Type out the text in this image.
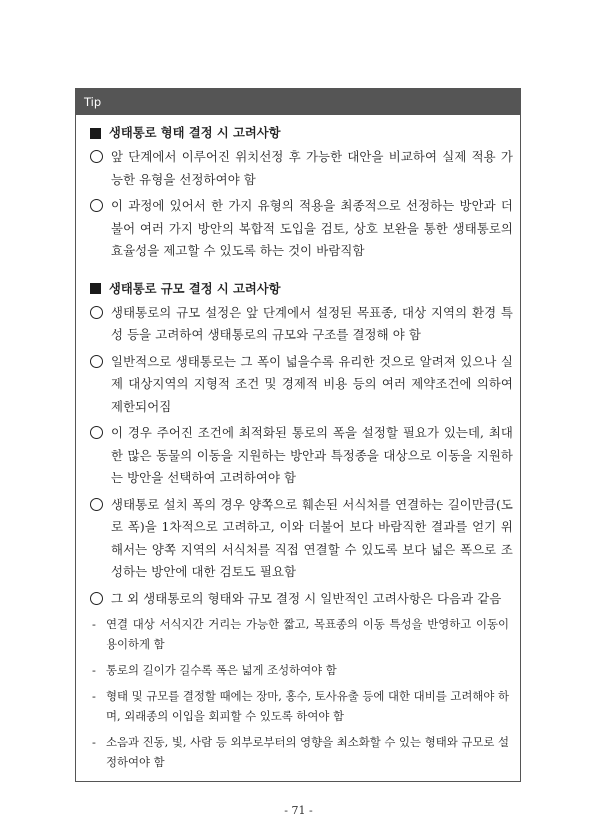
Tip
생태통로 형태 결정 시 고려사항
앞 단계에서 이루어진 위치선정 후 가능한 대안을 비교하여 실제 적용 가능한 유형을 선정하여야 함
이 과정에 있어서 한 가지 유형의 적용을 최종적으로 선정하는 방안과 더불어 여러 가지 방안의 복합적 도입을 검토, 상호 보완을 통한 생태통로의 효율성을 제고할 수 있도록 하는 것이 바람직함
생태통로 규모 결정 시 고려사항
생태통로의 규모 설정은 앞 단계에서 설정된 목표종, 대상 지역의 환경 특성 등을 고려하여 생태통로의 규모와 구조를 결정해 야 함
일반적으로 생태통로는 그 폭이 넓을수록 유리한 것으로 알려져 있으나 실제 대상지역의 지형적 조건 및 경제적 비용 등의 여러 제약조건에 의하여 제한되어짐
이 경우 주어진 조건에 최적화된 통로의 폭을 설정할 필요가 있는데, 최대한 많은 동물의 이동을 지원하는 방안과 특정종을 대상으로 이동을 지원하는 방안을 선택하여 고려하여야 함
생태통로 설치 폭의 경우 양쪽으로 훼손된 서식처를 연결하는 길이만큼(도로 폭)을 1차적으로 고려하고, 이와 더불어 보다 바람직한 결과를 얻기 위해서는 양쪽 지역의 서식처를 직접 연결할 수 있도록 보다 넓은 폭으로 조성하는 방안에 대한 검토도 필요함
그 외 생태통로의 형태와 규모 결정 시 일반적인 고려사항은 다음과 같음
- 연결 대상 서식지간 거리는 가능한 짧고, 목표종의 이동 특성을 반영하고 이동이 용이하게 함
- 통로의 길이가 길수록 폭은 넓게 조성하여야 함
- 형태 및 규모를 결정할 때에는 장마, 홍수, 토사유출 등에 대한 대비를 고려해야 하며, 외래종의 이입을 회피할 수 있도록 하여야 함
- 소음과 진동, 빛, 사람 등 외부로부터의 영향을 최소화할 수 있는 형태와 규모로 설정하여야 함
- 71 -
